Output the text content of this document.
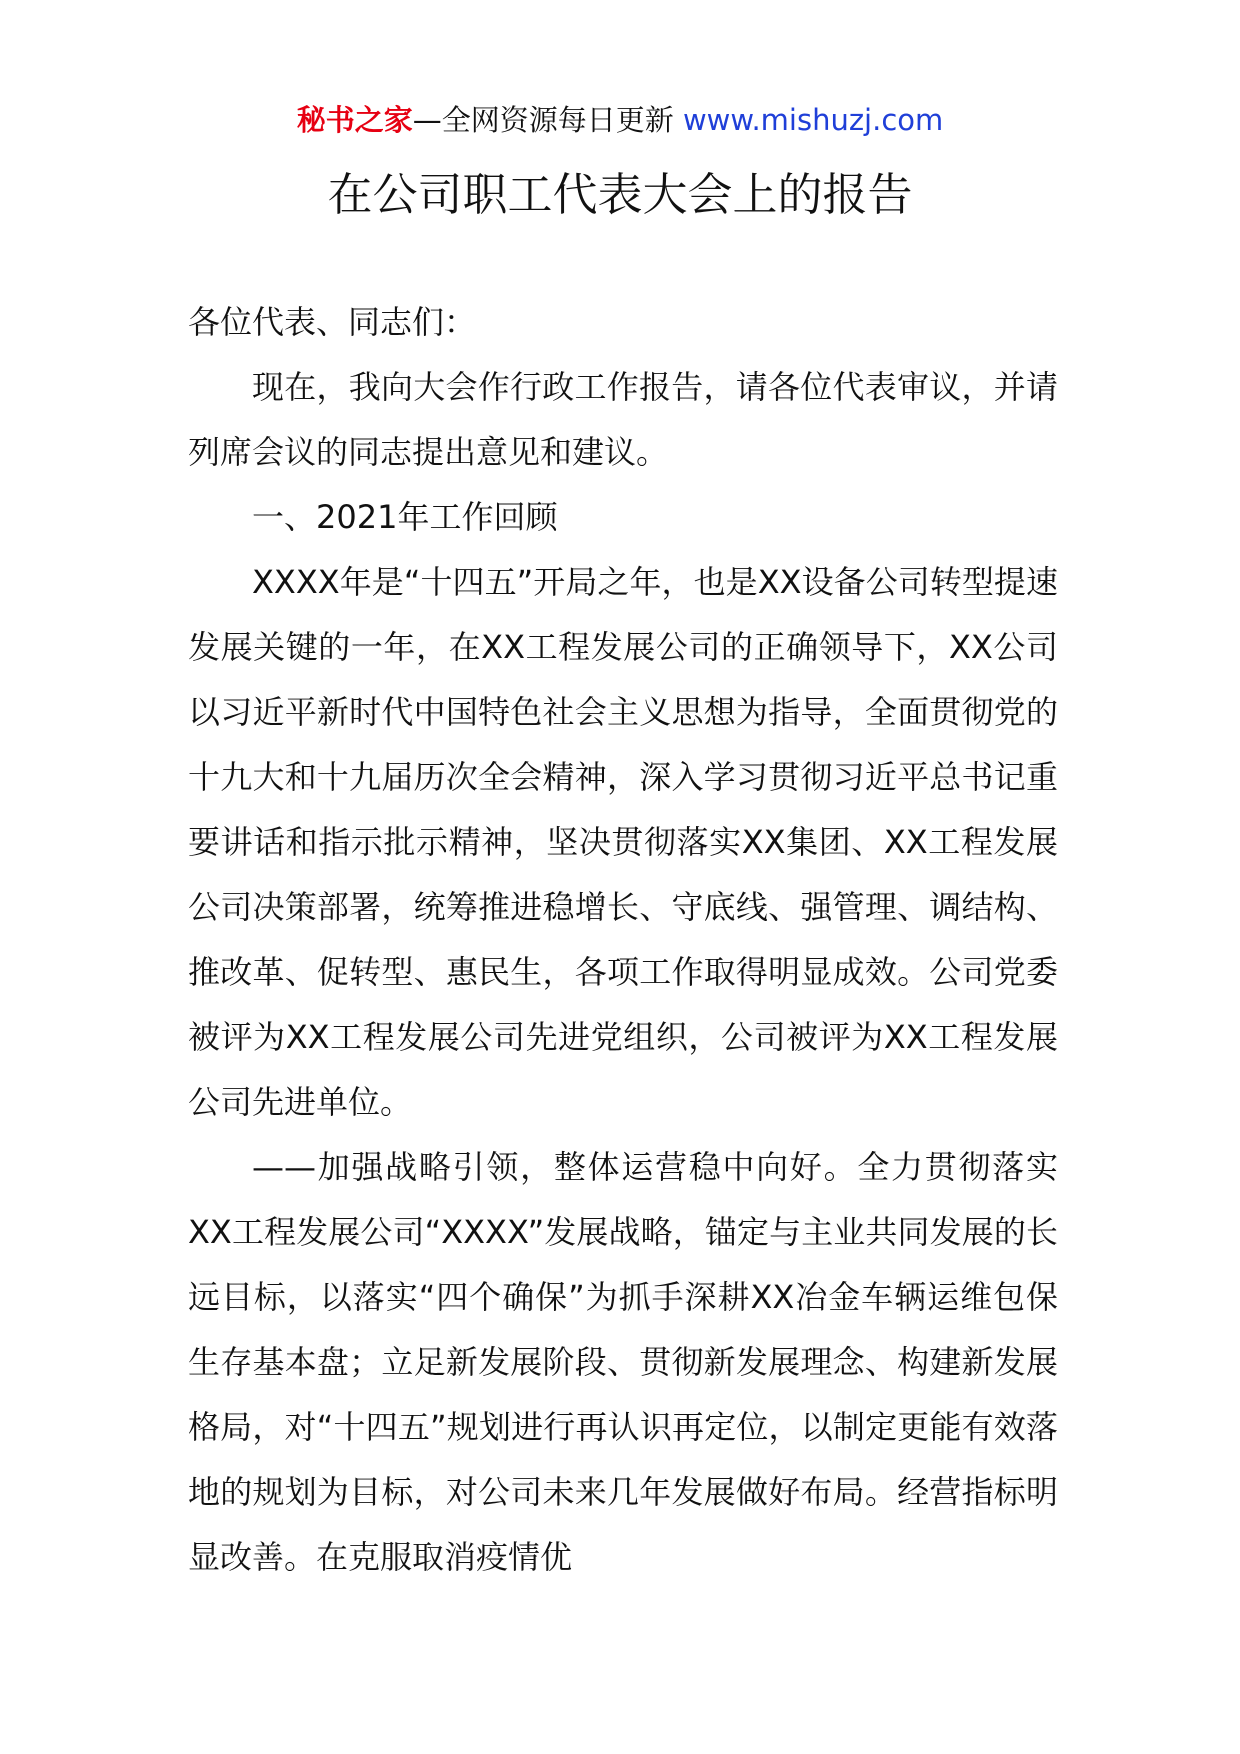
秘书之家—全网资源每日更新 www.mishuzj.com
在公司职工代表大会上的报告

各位代表、同志们：

现在，我向大会作行政工作报告，请各位代表审议，并请列席会议的同志提出意见和建议。

一、2021年工作回顾

XXXX年是“十四五”开局之年，也是XX设备公司转型提速发展关键的一年，在XX工程发展公司的正确领导下，XX公司以习近平新时代中国特色社会主义思想为指导，全面贯彻党的十九大和十九届历次全会精神，深入学习贯彻习近平总书记重要讲话和指示批示精神，坚决贯彻落实XX集团、XX工程发展公司决策部署，统筹推进稳增长、守底线、强管理、调结构、推改革、促转型、惠民生，各项工作取得明显成效。公司党委被评为XX工程发展公司先进党组织，公司被评为XX工程发展公司先进单位。

——加强战略引领，整体运营稳中向好。全力贯彻落实XX工程发展公司“XXXX”发展战略，锚定与主业共同发展的长远目标，以落实“四个确保”为抓手深耕XX冶金车辆运维包保生存基本盘；立足新发展阶段、贯彻新发展理念、构建新发展格局，对“十四五”规划进行再认识再定位，以制定更能有效落地的规划为目标，对公司未来几年发展做好布局。经营指标明显改善。在克服取消疫情优
